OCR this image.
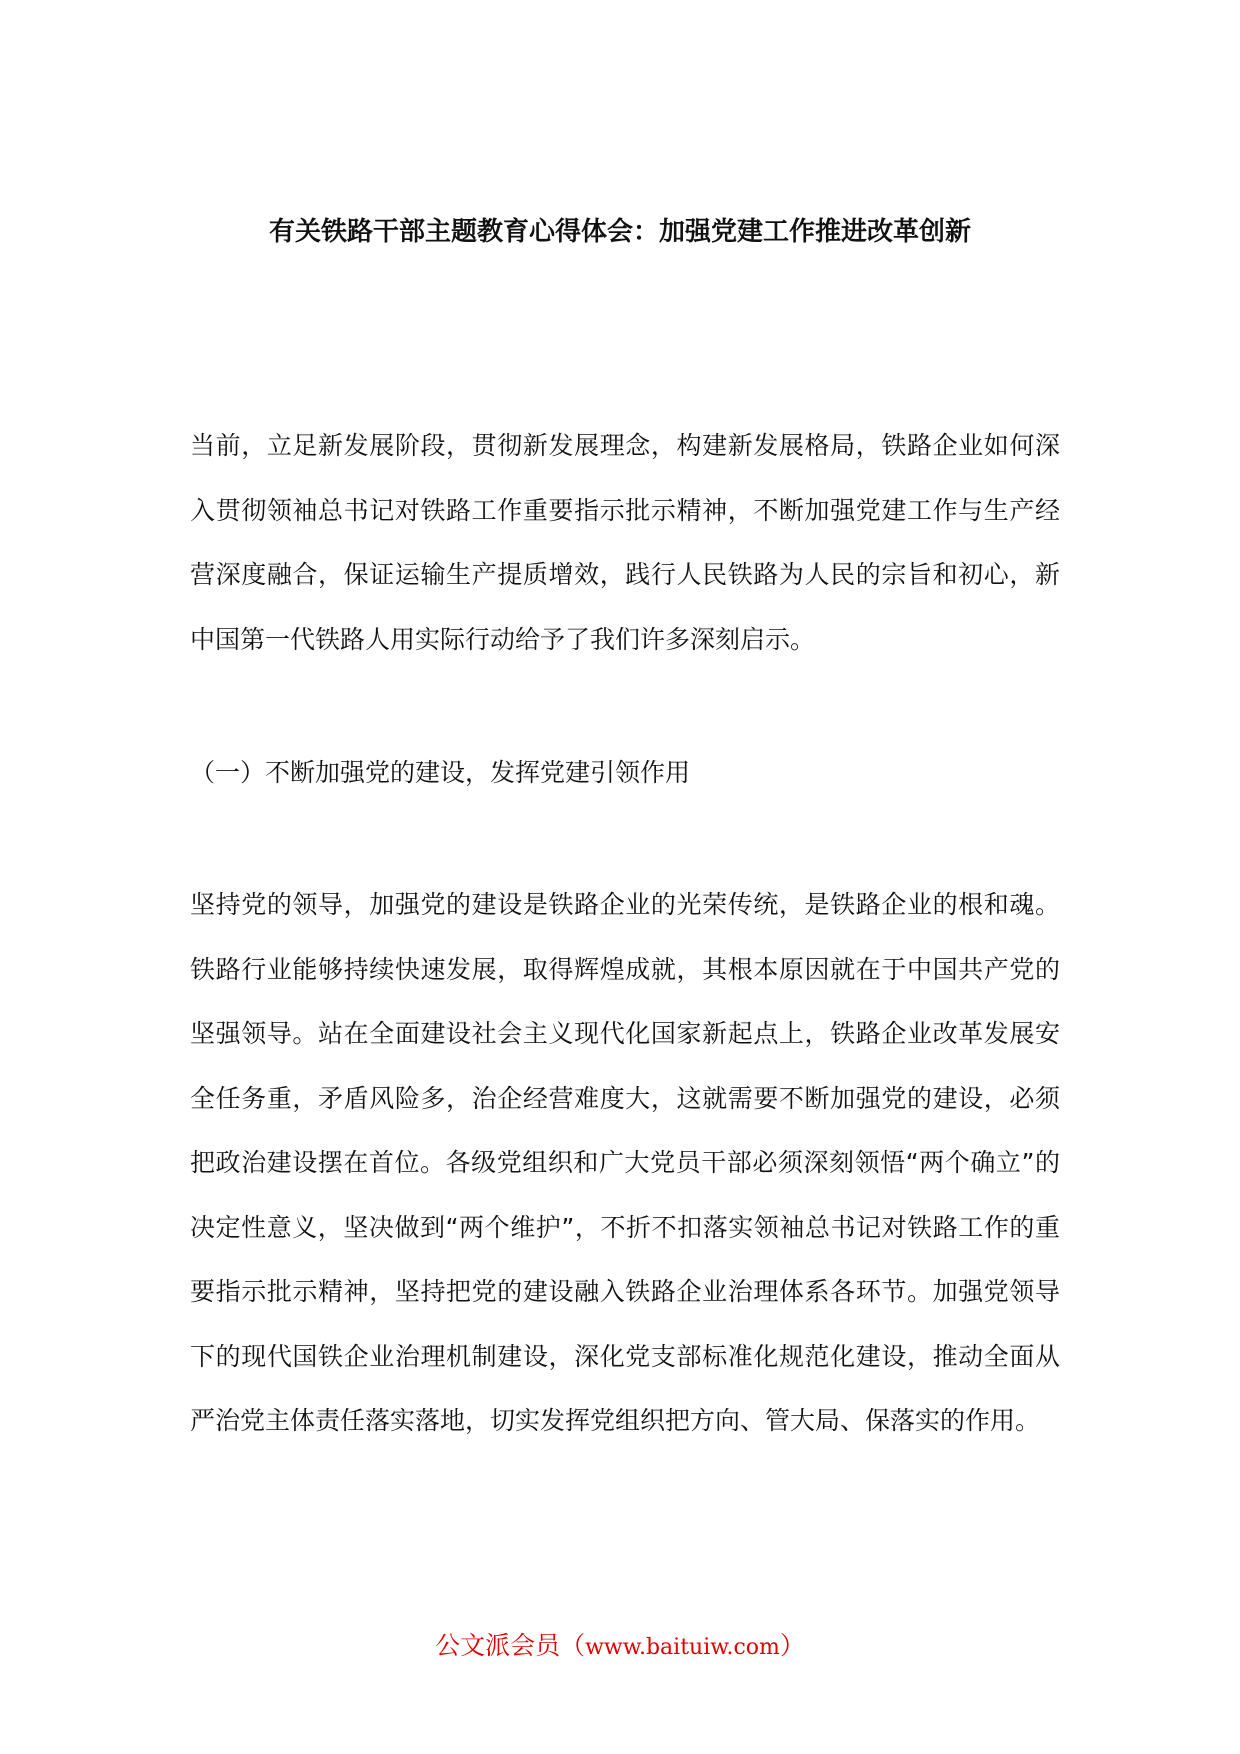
有关铁路干部主题教育心得体会：加强党建工作推进改革创新

当前，立足新发展阶段，贯彻新发展理念，构建新发展格局，铁路企业如何深入贯彻领袖总书记对铁路工作重要指示批示精神，不断加强党建工作与生产经营深度融合，保证运输生产提质增效，践行人民铁路为人民的宗旨和初心，新中国第一代铁路人用实际行动给予了我们许多深刻启示。

（一）不断加强党的建设，发挥党建引领作用

坚持党的领导，加强党的建设是铁路企业的光荣传统，是铁路企业的根和魂。铁路行业能够持续快速发展，取得辉煌成就，其根本原因就在于中国共产党的坚强领导。站在全面建设社会主义现代化国家新起点上，铁路企业改革发展安全任务重，矛盾风险多，治企经营难度大，这就需要不断加强党的建设，必须把政治建设摆在首位。各级党组织和广大党员干部必须深刻领悟“两个确立”的决定性意义，坚决做到“两个维护”，不折不扣落实领袖总书记对铁路工作的重要指示批示精神，坚持把党的建设融入铁路企业治理体系各环节。加强党领导下的现代国铁企业治理机制建设，深化党支部标准化规范化建设，推动全面从严治党主体责任落实落地，切实发挥党组织把方向、管大局、保落实的作用。

公文派会员（www.baituiw.com）
